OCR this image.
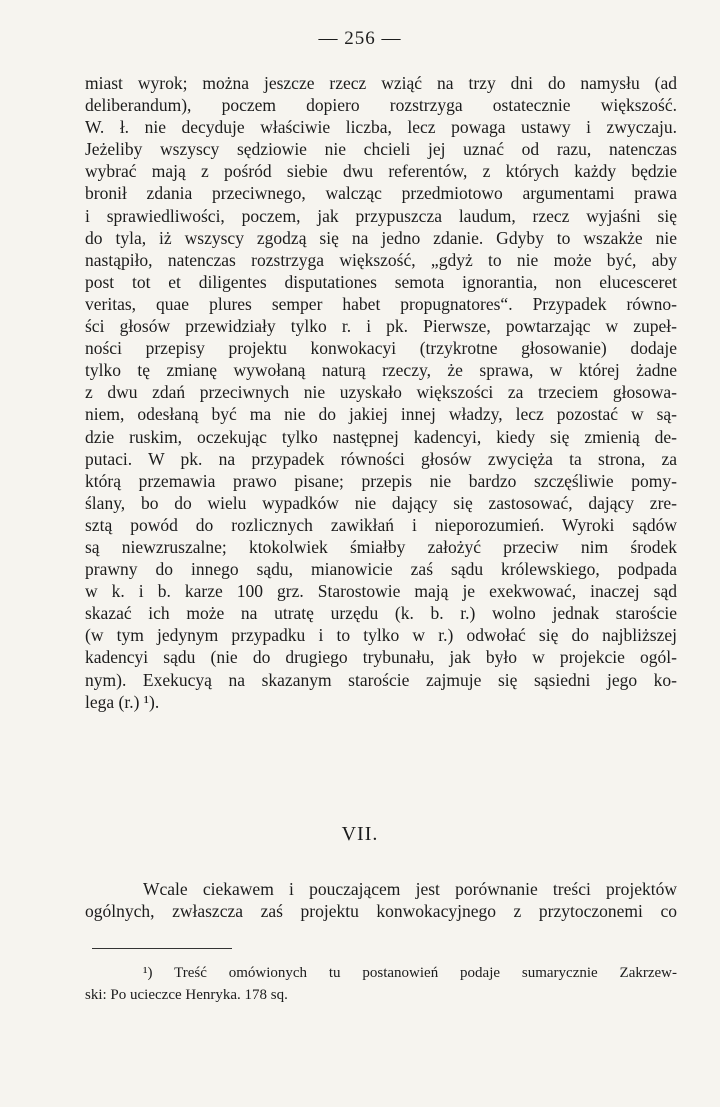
— 256 —
miast wyrok; można jeszcze rzecz wziąć na trzy dni do namysłu (ad
deliberandum), poczem dopiero rozstrzyga ostatecznie większość.
W. ł. nie decyduje właściwie liczba, lecz powaga ustawy i zwyczaju.
Jeżeliby wszyscy sędziowie nie chcieli jej uznać od razu, natenczas
wybrać mają z pośród siebie dwu referentów, z których każdy będzie
bronił zdania przeciwnego, walcząc przedmiotowo argumentami prawa
i sprawiedliwości, poczem, jak przypuszcza laudum, rzecz wyjaśni się
do tyla, iż wszyscy zgodzą się na jedno zdanie. Gdyby to wszakże nie
nastąpiło, natenczas rozstrzyga większość, „gdyż to nie może być, aby
post tot et diligentes disputationes semota ignorantia, non elucesceret
veritas, quae plures semper habet propugnatores“. Przypadek równo-
ści głosów przewidziały tylko r. i pk. Pierwsze, powtarzając w zupeł-
ności przepisy projektu konwokacyi (trzykrotne głosowanie) dodaje
tylko tę zmianę wywołaną naturą rzeczy, że sprawa, w której żadne
z dwu zdań przeciwnych nie uzyskało większości za trzeciem głosowa-
niem, odesłaną być ma nie do jakiej innej władzy, lecz pozostać w są-
dzie ruskim, oczekując tylko następnej kadencyi, kiedy się zmienią de-
putaci. W pk. na przypadek równości głosów zwycięża ta strona, za
którą przemawia prawo pisane; przepis nie bardzo szczęśliwie pomy-
ślany, bo do wielu wypadków nie dający się zastosować, dający zre-
sztą powód do rozlicznych zawikłań i nieporozumień. Wyroki sądów
są niewzruszalne; ktokolwiek śmiałby założyć przeciw nim środek
prawny do innego sądu, mianowicie zaś sądu królewskiego, podpada
w k. i b. karze 100 grz. Starostowie mają je exekwować, inaczej sąd
skazać ich może na utratę urzędu (k. b. r.) wolno jednak staroście
(w tym jedynym przypadku i to tylko w r.) odwołać się do najbliższej
kadencyi sądu (nie do drugiego trybunału, jak było w projekcie ogól-
nym). Exekucyą na skazanym staroście zajmuje się sąsiedni jego ko-
lega (r.) ¹).
VII.
Wcale ciekawem i pouczającem jest porównanie treści projektów
ogólnych, zwłaszcza zaś projektu konwokacyjnego z przytoczonemi co
¹) Treść omówionych tu postanowień podaje sumarycznie Zakrzew-
ski: Po ucieczce Henryka. 178 sq.
